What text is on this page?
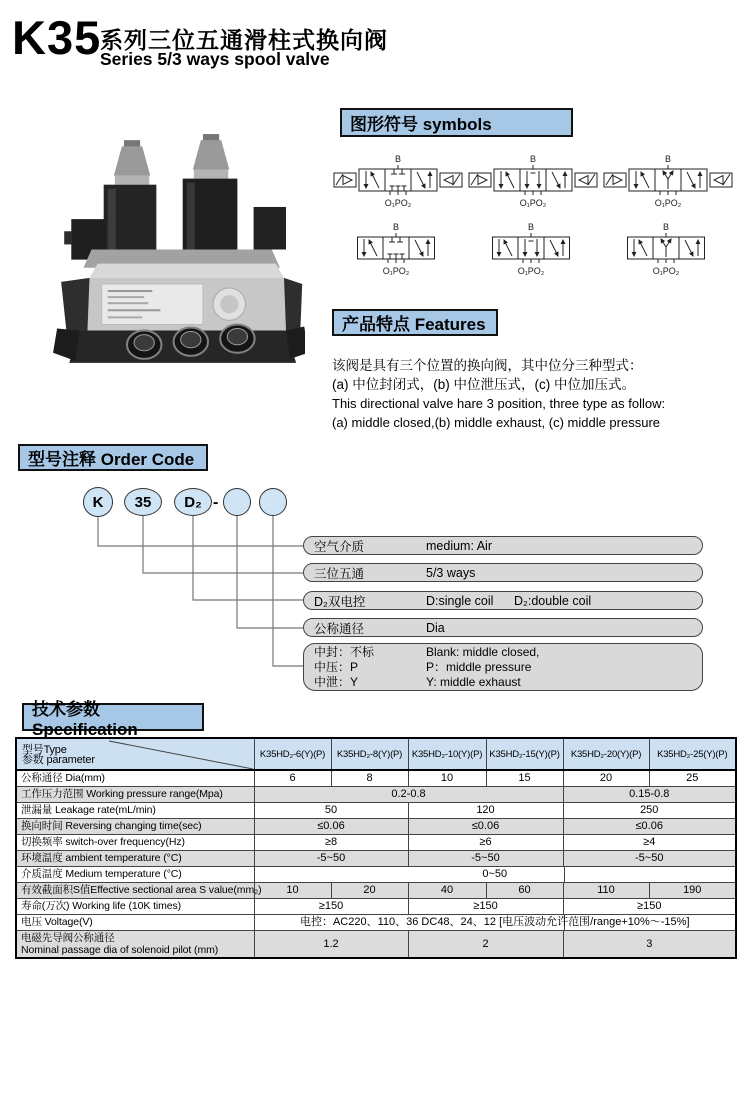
K35
系列三位五通滑柱式换向阀
Series 5/3 ways spool valve
图形符号 symbols
B
O₁PO₂
B
O₁PO₂
B
O₁PO₂
B
O₁PO₂
B
O₁PO₂
B
O₁PO₂
产品特点 Features
该阀是具有三个位置的换向阀，其中位分三种型式：
(a) 中位封闭式，(b) 中位泄压式，(c) 中位加压式。
This directional valve hare 3 position, three type as follow:
(a) middle closed,(b) middle exhaust, (c) middle pressure
型号注释 Order Code
K	35	D₂ -
空气介质	medium: Air
三位五通	5/3 ways
D₂双电控	D:single coil	D₂:double coil
公称通径	Dia
中封：不标
中压：P
中泄：Y
Blank: middle closed,
P：middle pressure
Y: middle exhaust
技术参数 Specification
型号Type
参数 parameter	K35HD₂-6(Y)(P)	K35HD₂-8(Y)(P)	K35HD₂-10(Y)(P)	K35HD₂-15(Y)(P)	K35HD₂-20(Y)(P)	K35HD₂-25(Y)(P)
公称通径 Dia(mm)	6	8	10	15	20	25
工作压力范围 Working pressure range(Mpa)	0.2-0.8				0.15-0.8	
泄漏量 Leakage rate(mL/min)	50		120		250	
换向时间 Reversing changing time(sec)	≤0.06		≤0.06		≤0.06	
切换频率 switch-over frequency(Hz)	≥8		≥6		≥4	
环境温度 ambient temperature (°C)	-5~50		-5~50		-5~50	
介质温度 Medium temperature (°C)	0~50					
有效截面积S值Effective sectional area S value(mm₂)	10	20	40	60	110	190
寿命(万次) Working life (10K times)	≥150		≥150		≥150	
电压 Voltage(V)	电控：AC220、110、36 DC48、24、12 [电压波动允许范围/range+10%～-15%]					

电磁先导阀公称通径
Nominal passage dia of solenoid pilot (mm)	1.2		2		3	
